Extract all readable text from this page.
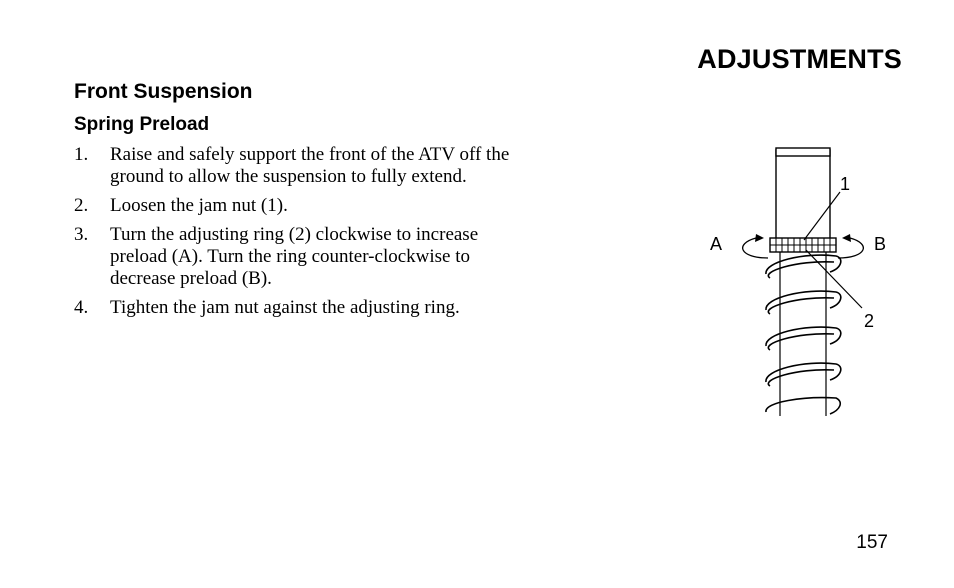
ADJUSTMENTS
Front Suspension
Spring Preload
1.	Raise and safely support the front of the ATV off the
ground to allow the suspension to fully extend.
2.	Loosen the jam nut (1).
3.	Turn the adjusting ring (2) clockwise to increase
preload (A). Turn the ring counter-clockwise to
decrease preload (B).
4.	Tighten the jam nut against the adjusting ring.
1
2
A	B
157
